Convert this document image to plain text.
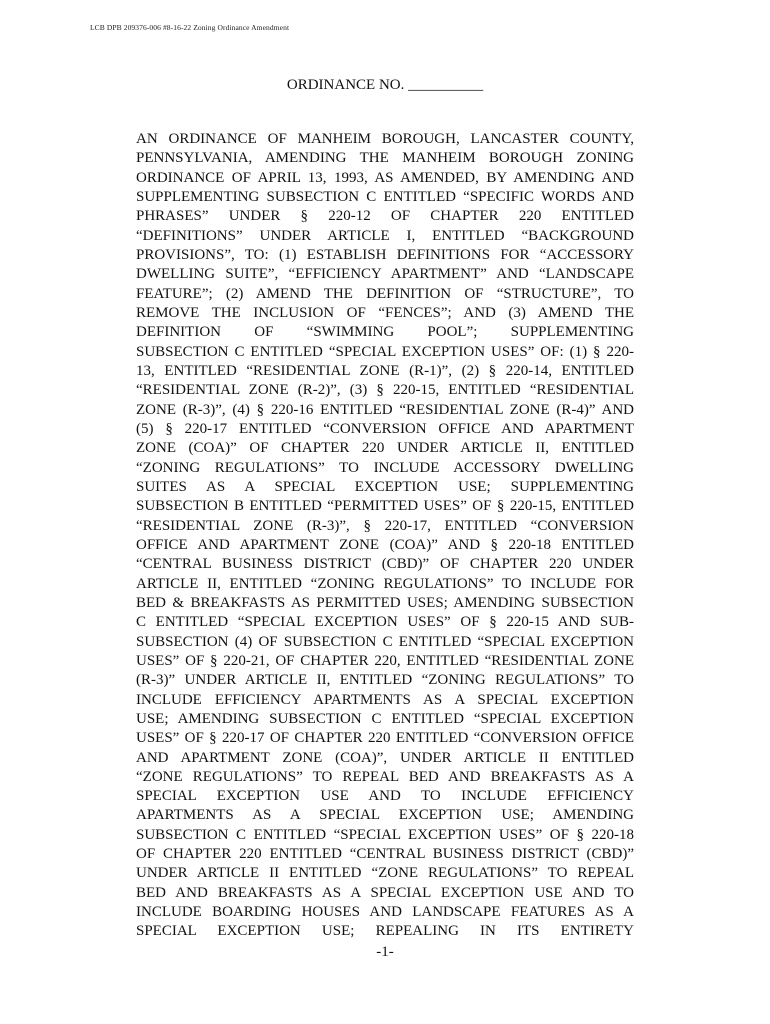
LCB DPB 209376-006 #8-16-22 Zoning Ordinance Amendment
ORDINANCE NO. __________
AN ORDINANCE OF MANHEIM BOROUGH, LANCASTER COUNTY,
PENNSYLVANIA, AMENDING THE MANHEIM BOROUGH ZONING
ORDINANCE OF APRIL 13, 1993, AS AMENDED, BY AMENDING AND
SUPPLEMENTING SUBSECTION C ENTITLED “SPECIFIC WORDS AND
PHRASES” UNDER § 220-12 OF CHAPTER 220 ENTITLED
“DEFINITIONS” UNDER ARTICLE I, ENTITLED “BACKGROUND
PROVISIONS”, TO: (1) ESTABLISH DEFINITIONS FOR “ACCESSORY
DWELLING SUITE”, “EFFICIENCY APARTMENT” AND “LANDSCAPE
FEATURE”; (2) AMEND THE DEFINITION OF “STRUCTURE”, TO
REMOVE THE INCLUSION OF “FENCES”; AND (3) AMEND THE
DEFINITION OF “SWIMMING POOL”; SUPPLEMENTING
SUBSECTION C ENTITLED “SPECIAL EXCEPTION USES” OF: (1) § 220-
13, ENTITLED “RESIDENTIAL ZONE (R-1)”, (2) § 220-14, ENTITLED
“RESIDENTIAL ZONE (R-2)”, (3) § 220-15, ENTITLED “RESIDENTIAL
ZONE (R-3)”, (4) § 220-16 ENTITLED “RESIDENTIAL ZONE (R-4)” AND
(5) § 220-17 ENTITLED “CONVERSION OFFICE AND APARTMENT
ZONE (COA)” OF CHAPTER 220 UNDER ARTICLE II, ENTITLED
“ZONING REGULATIONS” TO INCLUDE ACCESSORY DWELLING
SUITES AS A SPECIAL EXCEPTION USE; SUPPLEMENTING
SUBSECTION B ENTITLED “PERMITTED USES” OF § 220-15, ENTITLED
“RESIDENTIAL ZONE (R-3)”, § 220-17, ENTITLED “CONVERSION
OFFICE AND APARTMENT ZONE (COA)” AND § 220-18 ENTITLED
“CENTRAL BUSINESS DISTRICT (CBD)” OF CHAPTER 220 UNDER
ARTICLE II, ENTITLED “ZONING REGULATIONS” TO INCLUDE FOR
BED & BREAKFASTS AS PERMITTED USES; AMENDING SUBSECTION
C ENTITLED “SPECIAL EXCEPTION USES” OF § 220-15 AND SUB-
SUBSECTION (4) OF SUBSECTION C ENTITLED “SPECIAL EXCEPTION
USES” OF § 220-21, OF CHAPTER 220, ENTITLED “RESIDENTIAL ZONE
(R-3)” UNDER ARTICLE II, ENTITLED “ZONING REGULATIONS” TO
INCLUDE EFFICIENCY APARTMENTS AS A SPECIAL EXCEPTION
USE; AMENDING SUBSECTION C ENTITLED “SPECIAL EXCEPTION
USES” OF § 220-17 OF CHAPTER 220 ENTITLED “CONVERSION OFFICE
AND APARTMENT ZONE (COA)”, UNDER ARTICLE II ENTITLED
“ZONE REGULATIONS” TO REPEAL BED AND BREAKFASTS AS A
SPECIAL EXCEPTION USE AND TO INCLUDE EFFICIENCY
APARTMENTS AS A SPECIAL EXCEPTION USE; AMENDING
SUBSECTION C ENTITLED “SPECIAL EXCEPTION USES” OF § 220-18
OF CHAPTER 220 ENTITLED “CENTRAL BUSINESS DISTRICT (CBD)”
UNDER ARTICLE II ENTITLED “ZONE REGULATIONS” TO REPEAL
BED AND BREAKFASTS AS A SPECIAL EXCEPTION USE AND TO
INCLUDE BOARDING HOUSES AND LANDSCAPE FEATURES AS A
SPECIAL EXCEPTION USE; REPEALING IN ITS ENTIRETY
-1-
